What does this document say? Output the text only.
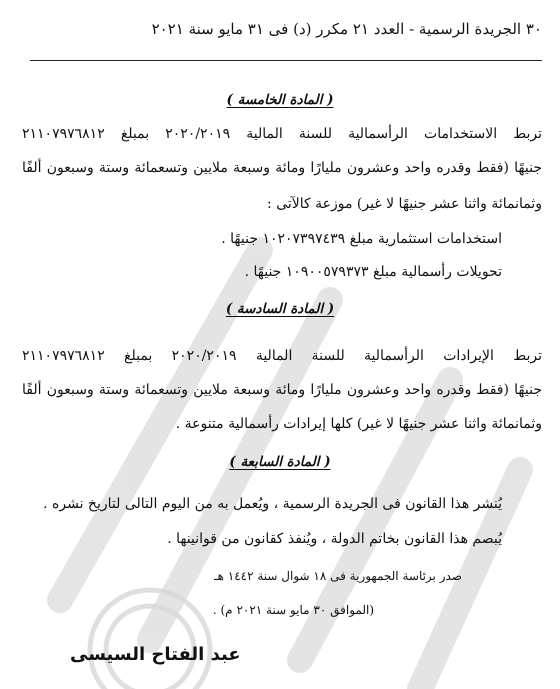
٣٠ الجريدة الرسمية - العدد ٢١ مكرر (د) فى ٣١ مايو سنة ٢٠٢١
( المادة الخامسة )
تربط الاستخدامات الرأسمالية للسنة المالية ٢٠٢٠/٢٠١٩ بمبلغ ٢١١٠٧٩٧٦٨١٢
جنيهًا (فقط وقدره واحد وعشرون مليارًا ومائة وسبعة ملايين وتسعمائة وستة وسبعون ألفًا
وثمانمائة واثنا عشر جنيهًا لا غير) موزعة كالآتى :
استخدامات استثمارية مبلغ ١٠٢٠٧٣٩٧٤٣٩ جنيهًا .
تحويلات رأسمالية مبلغ ١٠٩٠٠٥٧٩٣٧٣ جنيهًا .
( المادة السادسة )
تربط الإيرادات الرأسمالية للسنة المالية ٢٠٢٠/٢٠١٩ بمبلغ ٢١١٠٧٩٧٦٨١٢
جنيهًا (فقط وقدره واحد وعشرون مليارًا ومائة وسبعة ملايين وتسعمائة وستة وسبعون ألفًا
وثمانمائة واثنا عشر جنيهًا لا غير) كلها إيرادات رأسمالية متنوعة .
( المادة السابعة )
يُنشر هذا القانون فى الجريدة الرسمية ، ويُعمل به من اليوم التالى لتاريخ نشره .
يُبصم هذا القانون بخاتم الدولة ، ويُنفذ كقانون من قوانينها .
صدر برئاسة الجمهورية فى ١٨ شوال سنة ١٤٤٢ هـ
(الموافق ٣٠ مايو سنة ٢٠٢١ م) .
عبد الفتاح السيسى
